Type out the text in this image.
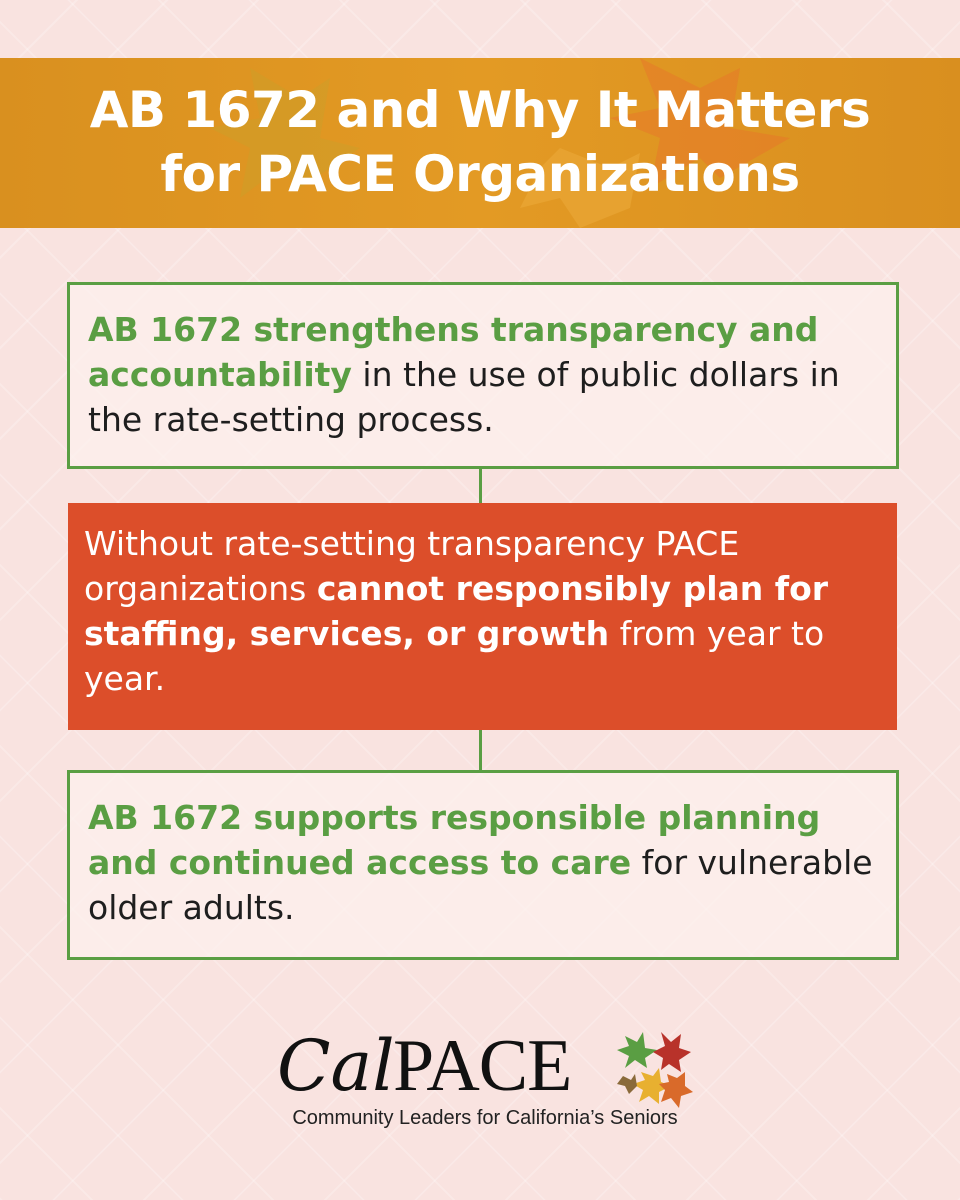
AB 1672 and Why It Matters
for PACE Organizations
AB 1672 strengthens transparency and accountability in the use of public dollars in the rate-setting process.
Without rate-setting transparency PACE organizations cannot responsibly plan for staffing, services, or growth from year to year.
AB 1672 supports responsible planning and continued access to care for vulnerable older adults.
Cal
PACE
Community Leaders for California’s Seniors
